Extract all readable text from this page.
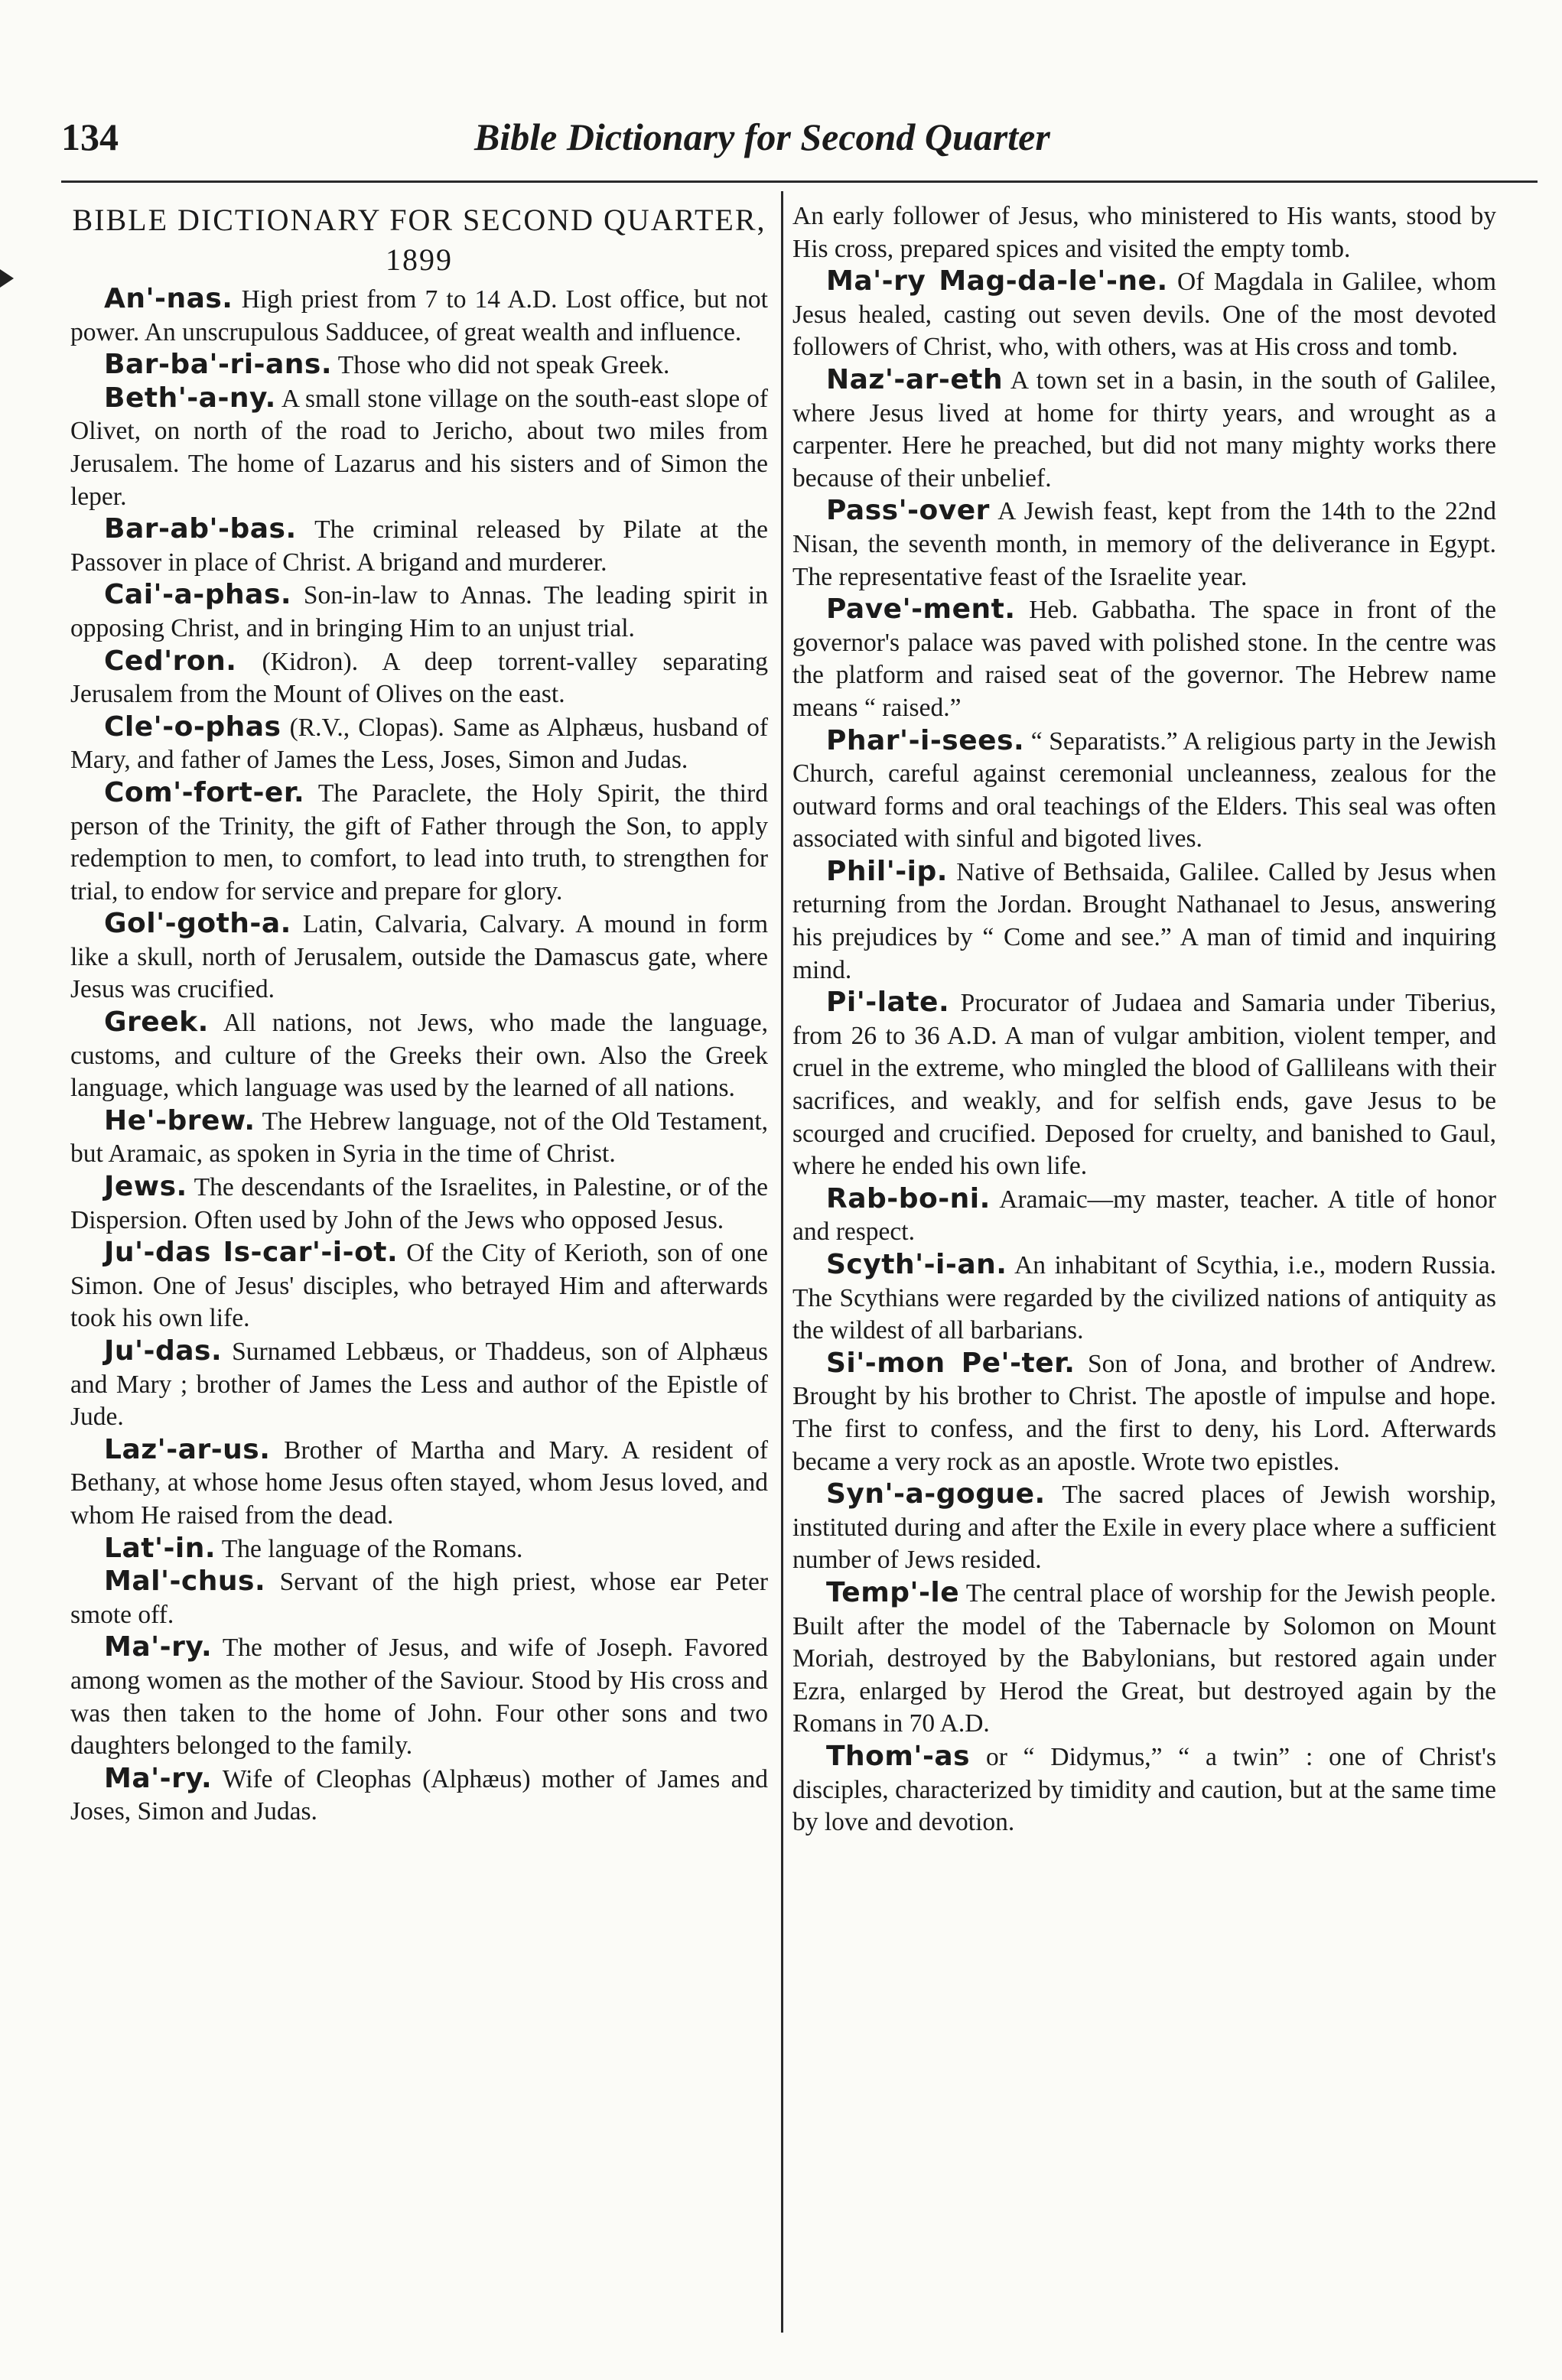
134	Bible Dictionary for Second Quarter
BIBLE DICTIONARY FOR SECOND QUARTER, 1899

An'-nas. High priest from 7 to 14 A.D. Lost office, but not power. An unscrupulous Sadducee, of great wealth and influence.

Bar-ba'-ri-ans. Those who did not speak Greek.

Beth'-a-ny. A small stone village on the south-east slope of Olivet, on north of the road to Jericho, about two miles from Jerusalem. The home of Lazarus and his sisters and of Simon the leper.

Bar-ab'-bas. The criminal released by Pilate at the Passover in place of Christ. A brigand and murderer.

Cai'-a-phas. Son-in-law to Annas. The leading spirit in opposing Christ, and in bringing Him to an unjust trial.

Ced'ron. (Kidron). A deep torrent-valley separating Jerusalem from the Mount of Olives on the east.

Cle'-o-phas (R.V., Clopas). Same as Alphæus, husband of Mary, and father of James the Less, Joses, Simon and Judas.

Com'-fort-er. The Paraclete, the Holy Spirit, the third person of the Trinity, the gift of Father through the Son, to apply redemption to men, to comfort, to lead into truth, to strengthen for trial, to endow for service and prepare for glory.

Gol'-goth-a. Latin, Calvaria, Calvary. A mound in form like a skull, north of Jerusalem, outside the Damascus gate, where Jesus was crucified.

Greek. All nations, not Jews, who made the language, customs, and culture of the Greeks their own. Also the Greek language, which language was used by the learned of all nations.

He'-brew. The Hebrew language, not of the Old Testament, but Aramaic, as spoken in Syria in the time of Christ.

Jews. The descendants of the Israelites, in Palestine, or of the Dispersion. Often used by John of the Jews who opposed Jesus.

Ju'-das Is-car'-i-ot. Of the City of Kerioth, son of one Simon. One of Jesus' disciples, who betrayed Him and afterwards took his own life.

Ju'-das. Surnamed Lebbæus, or Thaddeus, son of Alphæus and Mary ; brother of James the Less and author of the Epistle of Jude.

Laz'-ar-us. Brother of Martha and Mary. A resident of Bethany, at whose home Jesus often stayed, whom Jesus loved, and whom He raised from the dead.

Lat'-in. The language of the Romans.

Mal'-chus. Servant of the high priest, whose ear Peter smote off.

Ma'-ry. The mother of Jesus, and wife of Joseph. Favored among women as the mother of the Saviour. Stood by His cross and was then taken to the home of John. Four other sons and two daughters belonged to the family.

Ma'-ry. Wife of Cleophas (Alphæus) mother of James and Joses, Simon and Judas.

An early follower of Jesus, who ministered to His wants, stood by His cross, prepared spices and visited the empty tomb.

Ma'-ry Mag-da-le'-ne. Of Magdala in Galilee, whom Jesus healed, casting out seven devils. One of the most devoted followers of Christ, who, with others, was at His cross and tomb.

Naz'-ar-eth A town set in a basin, in the south of Galilee, where Jesus lived at home for thirty years, and wrought as a carpenter. Here he preached, but did not many mighty works there because of their unbelief.

Pass'-over A Jewish feast, kept from the 14th to the 22nd Nisan, the seventh month, in memory of the deliverance in Egypt. The representative feast of the Israelite year.

Pave'-ment. Heb. Gabbatha. The space in front of the governor's palace was paved with polished stone. In the centre was the platform and raised seat of the governor. The Hebrew name means “ raised.”

Phar'-i-sees. “ Separatists.” A religious party in the Jewish Church, careful against ceremonial uncleanness, zealous for the outward forms and oral teachings of the Elders. This seal was often associated with sinful and bigoted lives.

Phil'-ip. Native of Bethsaida, Galilee. Called by Jesus when returning from the Jordan. Brought Nathanael to Jesus, answering his prejudices by “ Come and see.” A man of timid and inquiring mind.

Pi'-late. Procurator of Judaea and Samaria under Tiberius, from 26 to 36 A.D. A man of vulgar ambition, violent temper, and cruel in the extreme, who mingled the blood of Gallileans with their sacrifices, and weakly, and for selfish ends, gave Jesus to be scourged and crucified. Deposed for cruelty, and banished to Gaul, where he ended his own life.

Rab-bo-ni. Aramaic—my master, teacher. A title of honor and respect.

Scyth'-i-an. An inhabitant of Scythia, i.e., modern Russia. The Scythians were regarded by the civilized nations of antiquity as the wildest of all barbarians.

Si'-mon Pe'-ter. Son of Jona, and brother of Andrew. Brought by his brother to Christ. The apostle of impulse and hope. The first to confess, and the first to deny, his Lord. Afterwards became a very rock as an apostle. Wrote two epistles.

Syn'-a-gogue. The sacred places of Jewish worship, instituted during and after the Exile in every place where a sufficient number of Jews resided.

Temp'-le The central place of worship for the Jewish people. Built after the model of the Tabernacle by Solomon on Mount Moriah, destroyed by the Babylonians, but restored again under Ezra, enlarged by Herod the Great, but destroyed again by the Romans in 70 A.D.

Thom'-as or “ Didymus,” “ a twin” : one of Christ's disciples, characterized by timidity and caution, but at the same time by love and devotion.
